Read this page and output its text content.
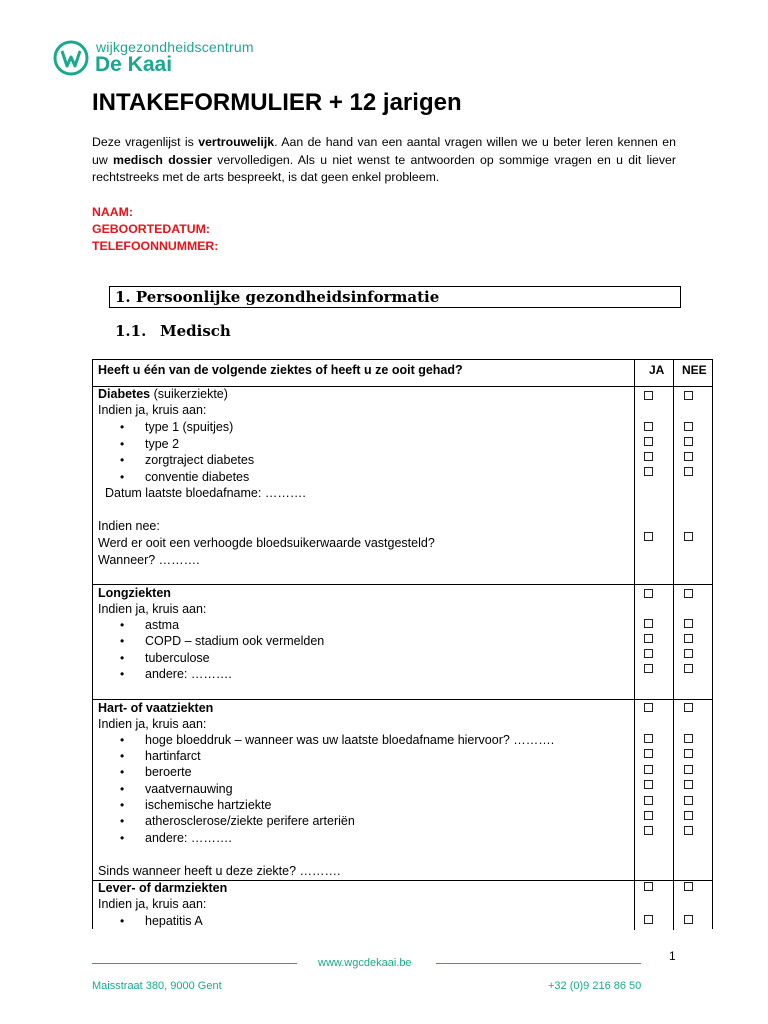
wijkgezondheidscentrum
De Kaai
INTAKEFORMULIER + 12 jarigen
Deze vragenlijst is vertrouwelijk. Aan de hand van een aantal vragen willen we u beter leren kennen en uw medisch dossier vervolledigen. Als u niet wenst te antwoorden op sommige vragen en u dit liever rechtstreeks met de arts bespreekt, is dat geen enkel probleem.
NAAM:
GEBOORTEDATUM:
TELEFOONNUMMER:
1. Persoonlijke gezondheidsinformatie
1.1. Medisch
Heeft u één van de volgende ziektes of heeft u ze ooit gehad?	JA NEE
Diabetes (suikerziekte)
Indien ja, kruis aan:
• type 1 (spuitjes)
• type 2
• zorgtraject diabetes
• conventie diabetes
Datum laatste bloedafname: ……….
Indien nee:
Werd er ooit een verhoogde bloedsuikerwaarde vastgesteld?
Wanneer? ……….
Longziekten
Indien ja, kruis aan:
• astma
• COPD – stadium ook vermelden
• tuberculose
• andere: ……….
Hart- of vaatziekten
Indien ja, kruis aan:
• hoge bloeddruk – wanneer was uw laatste bloedafname hiervoor? ……….
• hartinfarct
• beroerte
• vaatvernauwing
• ischemische hartziekte
• atherosclerose/ziekte perifere arteriën
• andere: ……….
Sinds wanneer heeft u deze ziekte? ……….
Lever- of darmziekten
Indien ja, kruis aan:
• hepatitis A
1
www.wgcdekaai.be
Maisstraat 380, 9000 Gent	+32 (0)9 216 86 50
